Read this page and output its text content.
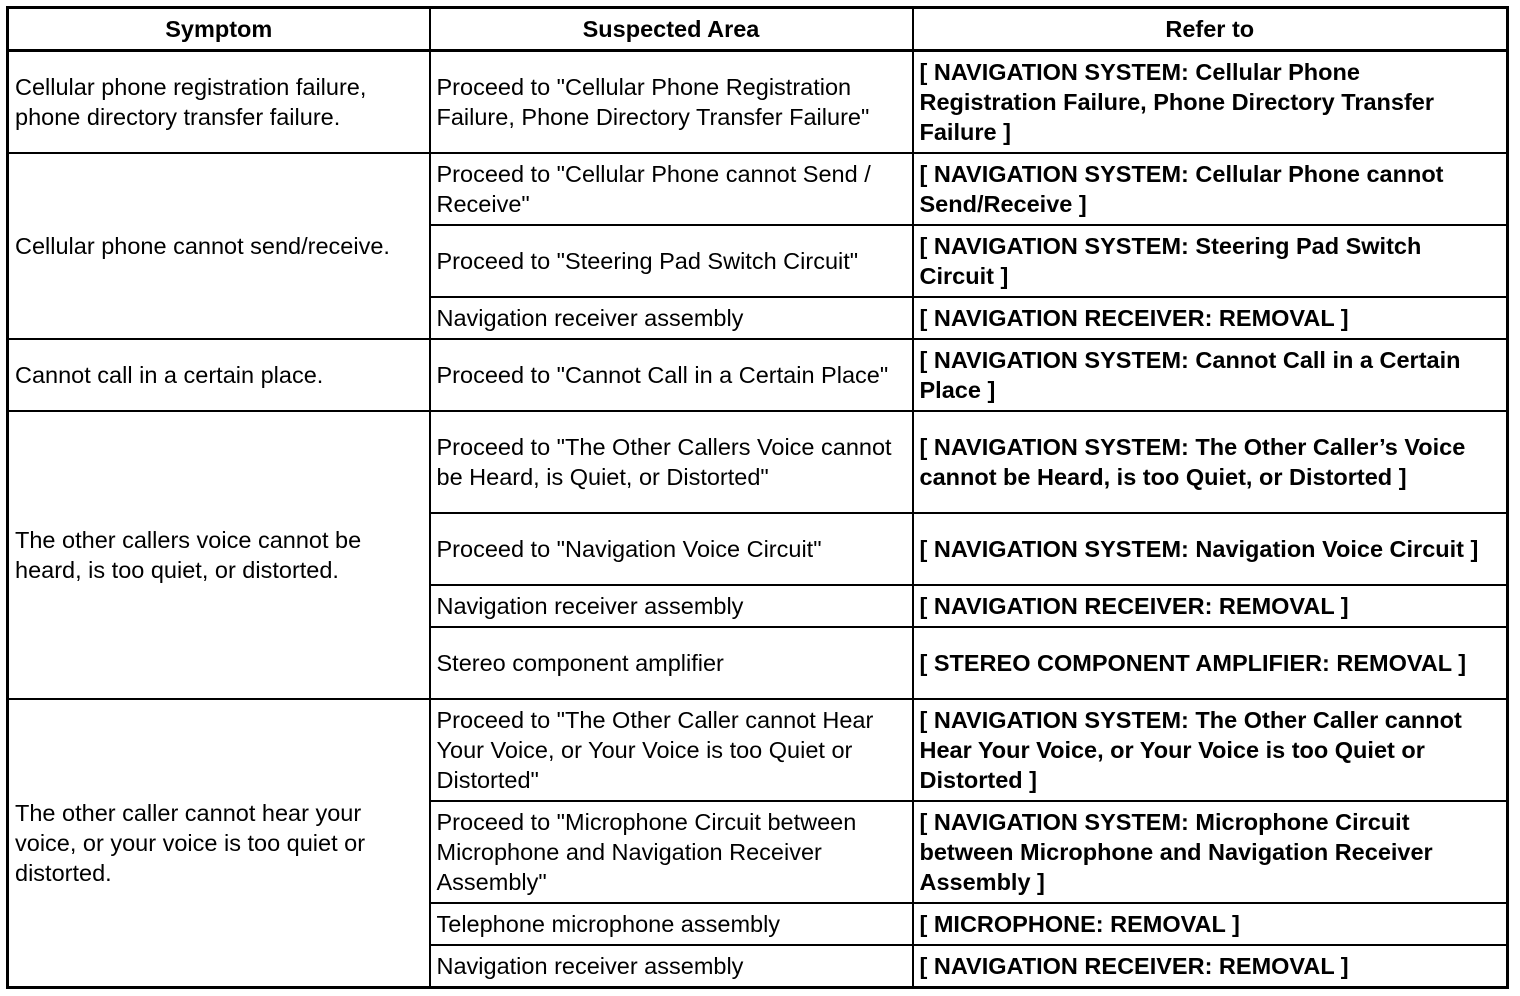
Symptom	Suspected Area	Refer to
Cellular phone registration failure, phone directory transfer failure.	Proceed to "Cellular Phone Registration Failure, Phone Directory Transfer Failure"	[ NAVIGATION SYSTEM: Cellular Phone Registration Failure, Phone Directory Transfer Failure ]
Cellular phone cannot send/receive.	Proceed to "Cellular Phone cannot Send / Receive"	[ NAVIGATION SYSTEM: Cellular Phone cannot Send/Receive ]
	Proceed to "Steering Pad Switch Circuit"	[ NAVIGATION SYSTEM: Steering Pad Switch Circuit ]
	Navigation receiver assembly	[ NAVIGATION RECEIVER: REMOVAL ]
Cannot call in a certain place.	Proceed to "Cannot Call in a Certain Place"	[ NAVIGATION SYSTEM: Cannot Call in a Certain Place ]
The other callers voice cannot be heard, is too quiet, or distorted.	Proceed to "The Other Callers Voice cannot be Heard, is Quiet, or Distorted"	[ NAVIGATION SYSTEM: The Other Caller’s Voice cannot be Heard, is too Quiet, or Distorted ]
	Proceed to "Navigation Voice Circuit"	[ NAVIGATION SYSTEM: Navigation Voice Circuit ]
	Navigation receiver assembly	[ NAVIGATION RECEIVER: REMOVAL ]
	Stereo component amplifier	[ STEREO COMPONENT AMPLIFIER: REMOVAL ]
The other caller cannot hear your voice, or your voice is too quiet or distorted.	Proceed to "The Other Caller cannot Hear Your Voice, or Your Voice is too Quiet or Distorted"	[ NAVIGATION SYSTEM: The Other Caller cannot Hear Your Voice, or Your Voice is too Quiet or Distorted ]
	Proceed to "Microphone Circuit between Microphone and Navigation Receiver Assembly"	[ NAVIGATION SYSTEM: Microphone Circuit between Microphone and Navigation Receiver Assembly ]
	Telephone microphone assembly	[ MICROPHONE: REMOVAL ]
	Navigation receiver assembly	[ NAVIGATION RECEIVER: REMOVAL ]
